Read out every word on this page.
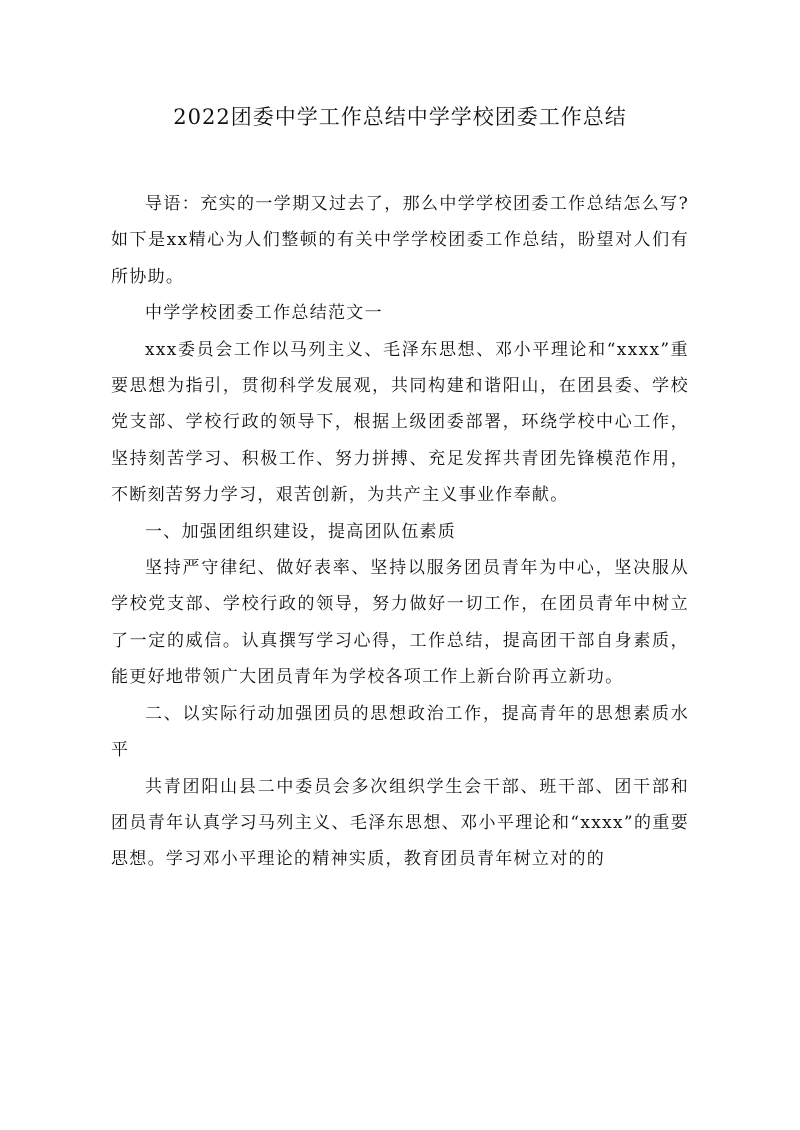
2022团委中学工作总结中学学校团委工作总结

导语：充实的一学期又过去了，那么中学学校团委工作总结怎么写?如下是xx精心为人们整顿的有关中学学校团委工作总结，盼望对人们有所协助。

中学学校团委工作总结范文一

xxx委员会工作以马列主义、毛泽东思想、邓小平理论和“xxxx”重要思想为指引，贯彻科学发展观，共同构建和谐阳山，在团县委、学校党支部、学校行政的领导下，根据上级团委部署，环绕学校中心工作，坚持刻苦学习、积极工作、努力拼搏、充足发挥共青团先锋模范作用，不断刻苦努力学习，艰苦创新，为共产主义事业作奉献。

一、加强团组织建设，提高团队伍素质

坚持严守律纪、做好表率、坚持以服务团员青年为中心，坚决服从学校党支部、学校行政的领导，努力做好一切工作，在团员青年中树立了一定的威信。认真撰写学习心得，工作总结，提高团干部自身素质，能更好地带领广大团员青年为学校各项工作上新台阶再立新功。

二、以实际行动加强团员的思想政治工作，提高青年的思想素质水平

共青团阳山县二中委员会多次组织学生会干部、班干部、团干部和团员青年认真学习马列主义、毛泽东思想、邓小平理论和“xxxx”的重要思想。学习邓小平理论的精神实质，教育团员青年树立对的的
